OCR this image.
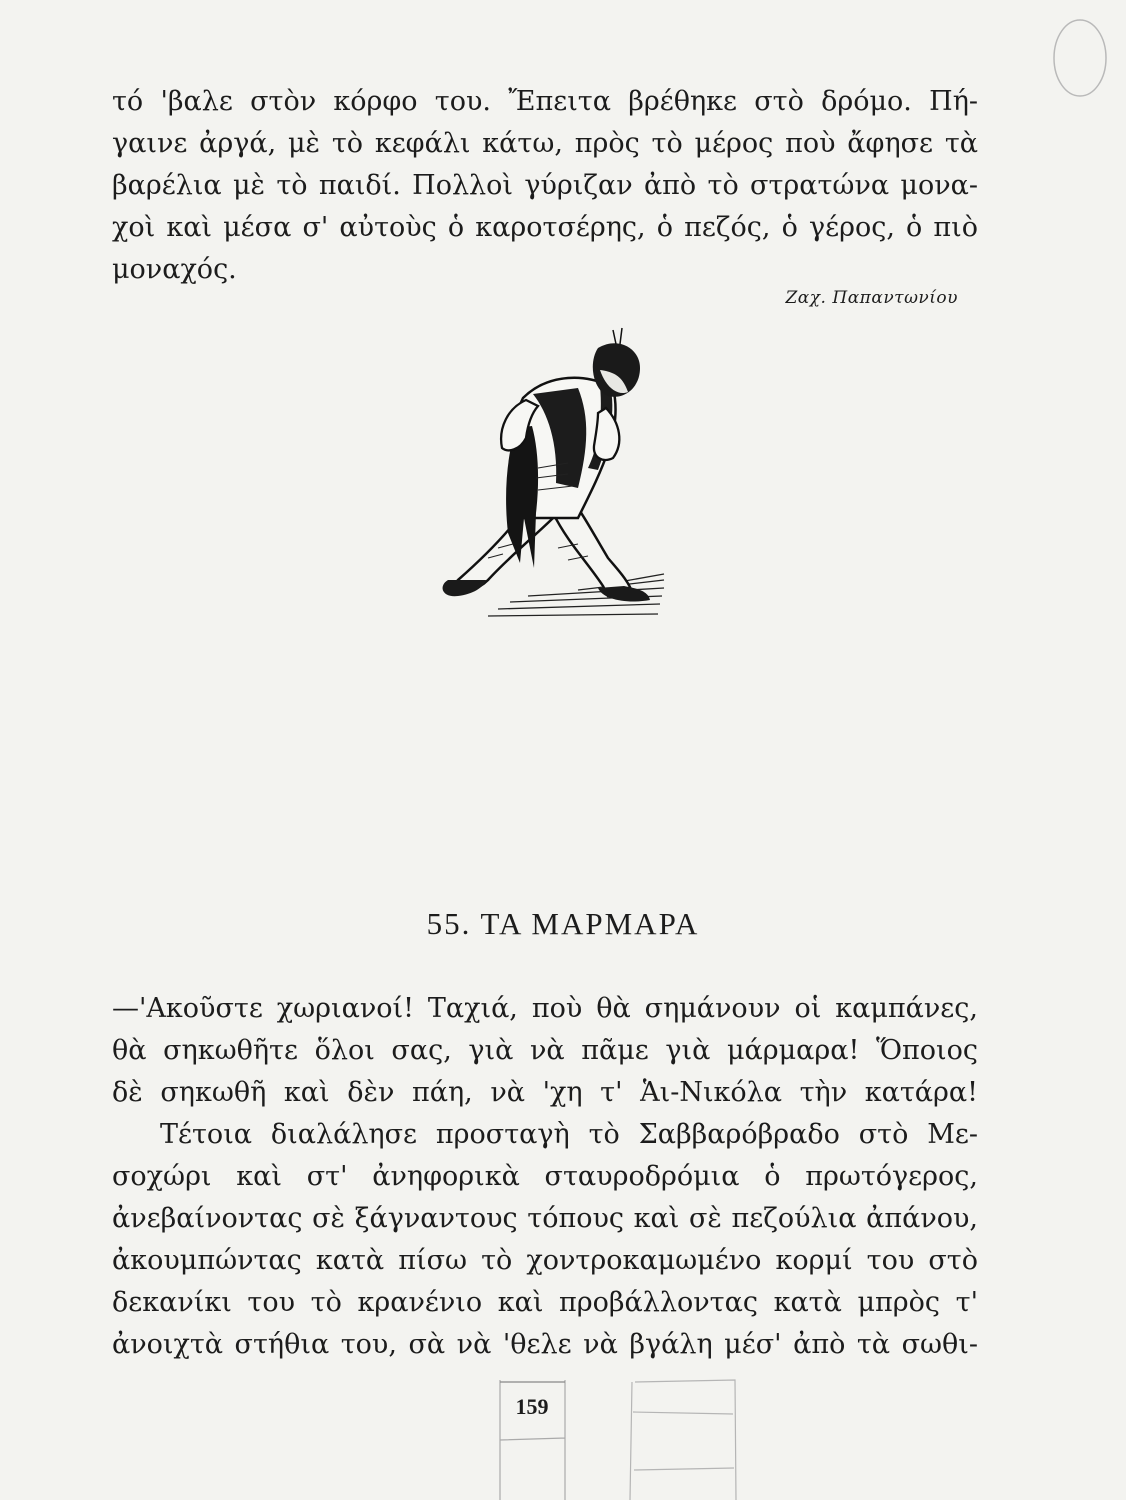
τό 'βαλε στὸν κόρφο του. Ἔπειτα βρέθηκε στὸ δρόμο. Πή-
γαινε ἀργά, μὲ τὸ κεφάλι κάτω, πρὸς τὸ μέρος ποὺ ἄφησε τὰ
βαρέλια μὲ τὸ παιδί. Πολλοὶ γύριζαν ἀπὸ τὸ στρατώνα μονα-
χοὶ καὶ μέσα σ' αὐτοὺς ὁ καροτσέρης, ὁ πεζός, ὁ γέρος, ὁ πιὸ
μοναχός.
Ζαχ. Παπαντωνίου
55. ΤΑ ΜΑΡΜΑΡΑ
—'Ακοῦστε χωριανοί! Ταχιά, ποὺ θὰ σημάνουν οἱ καμπάνες,
θὰ σηκωθῆτε ὅλοι σας, γιὰ νὰ πᾶμε γιὰ μάρμαρα! Ὅποιος
δὲ σηκωθῆ καὶ δὲν πάη, νὰ 'χη τ' Ἁι-Νικόλα τὴν κατάρα!
Τέτοια διαλάλησε προσταγὴ τὸ Σαββαρόβραδο στὸ Με-
σοχώρι καὶ στ' ἀνηφορικὰ σταυροδρόμια ὁ πρωτόγερος,
ἀνεβαίνοντας σὲ ξάγναντους τόπους καὶ σὲ πεζούλια ἀπάνου,
ἀκουμπώντας κατὰ πίσω τὸ χοντροκαμωμένο κορμί του στὸ
δεκανίκι του τὸ κρανένιο καὶ προβάλλοντας κατὰ μπρὸς τ'
ἀνοιχτὰ στήθια του, σὰ νὰ 'θελε νὰ βγάλη μέσ' ἀπὸ τὰ σωθι-
159
